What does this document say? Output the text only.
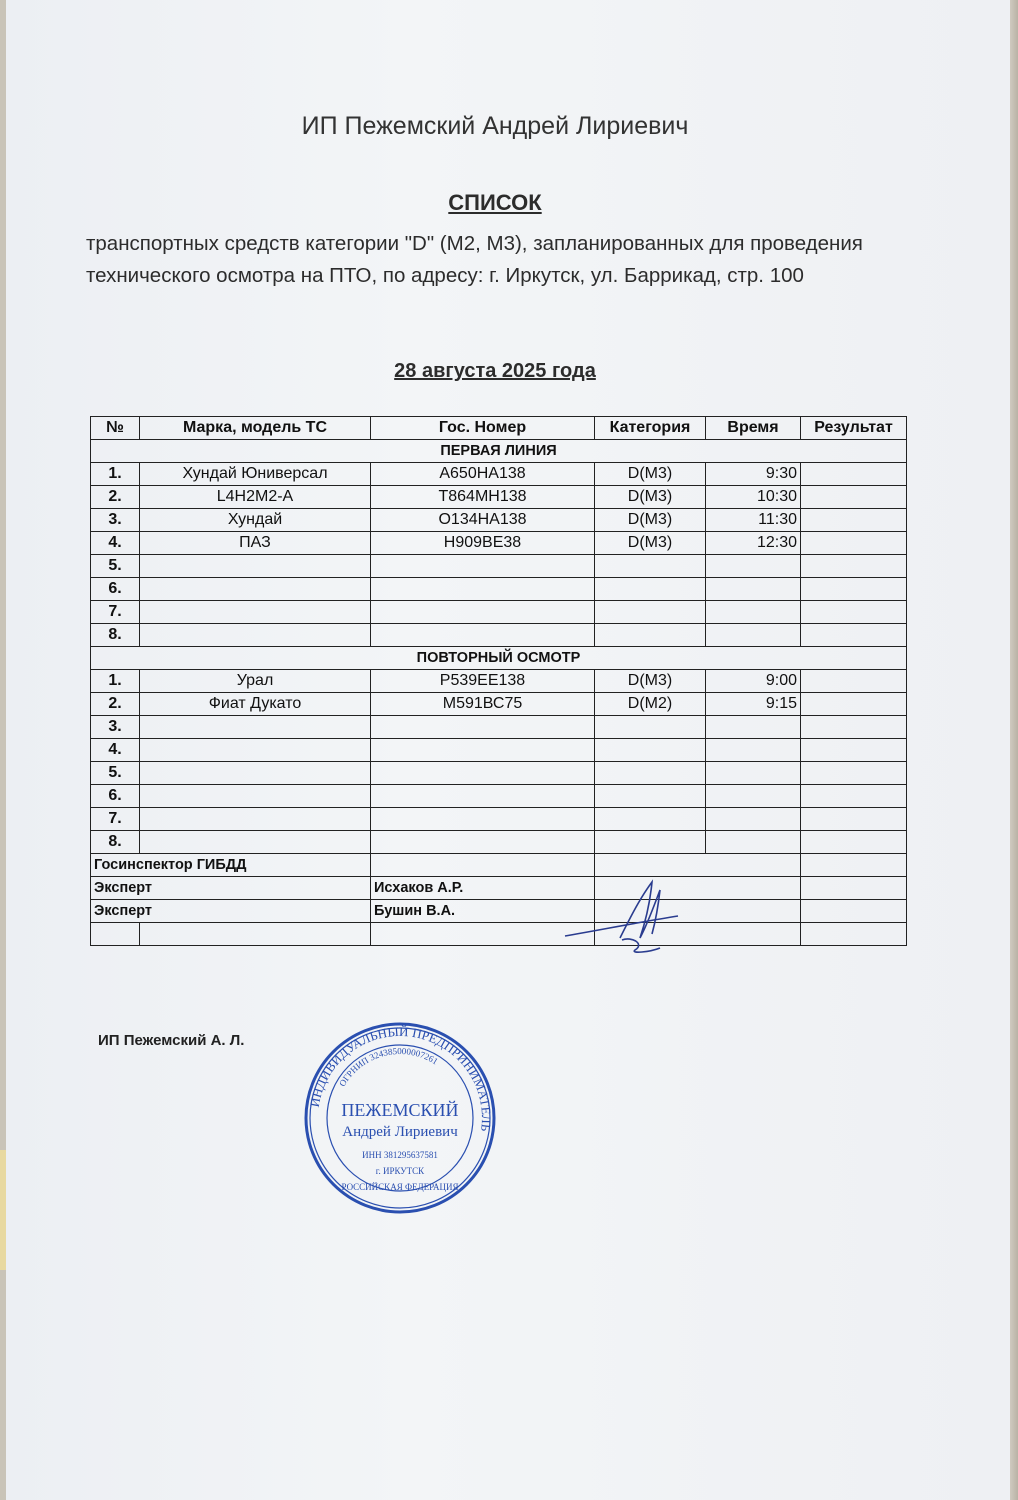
ИП Пежемский Андрей Лириевич
СПИСОК
транспортных средств категории "D" (М2, М3), запланированных для проведения технического осмотра на ПТО, по адресу: г. Иркутск, ул. Баррикад, стр. 100
28 августа 2025 года
№	Марка, модель ТС	Гос. Номер	Категория	Время	Результат
ПЕРВАЯ ЛИНИЯ					
1.	Хундай Юниверсал	А650НА138	D(М3)	9:30	
2.	L4H2M2-A	Т864МН138	D(М3)	10:30	
3.	Хундай	О134НА138	D(М3)	11:30	
4.	ПАЗ	Н909ВЕ38	D(М3)	12:30	
5.					
6.					
7.					
8.					
ПОВТОРНЫЙ ОСМОТР					
1.	Урал	Р539ЕЕ138	D(М3)	9:00	
2.	Фиат Дукато	М591ВС75	D(М2)	9:15	
3.					
4.					
5.					
6.					
7.					
8.					
Госинспектор ГИБДД					
Эксперт		Исхаков А.Р.			
Эксперт		Бушин В.А.			

ИП Пежемский А. Л.
ИНДИВИДУАЛЬНЫЙ ПРЕДПРИНИМАТЕЛЬ
ОГРНИП 324385000007261
ПЕЖЕМСКИЙ
Андрей Лириевич
ИНН 381295637581
г. ИРКУТСК
РОССИЙСКАЯ ФЕДЕРАЦИЯ
